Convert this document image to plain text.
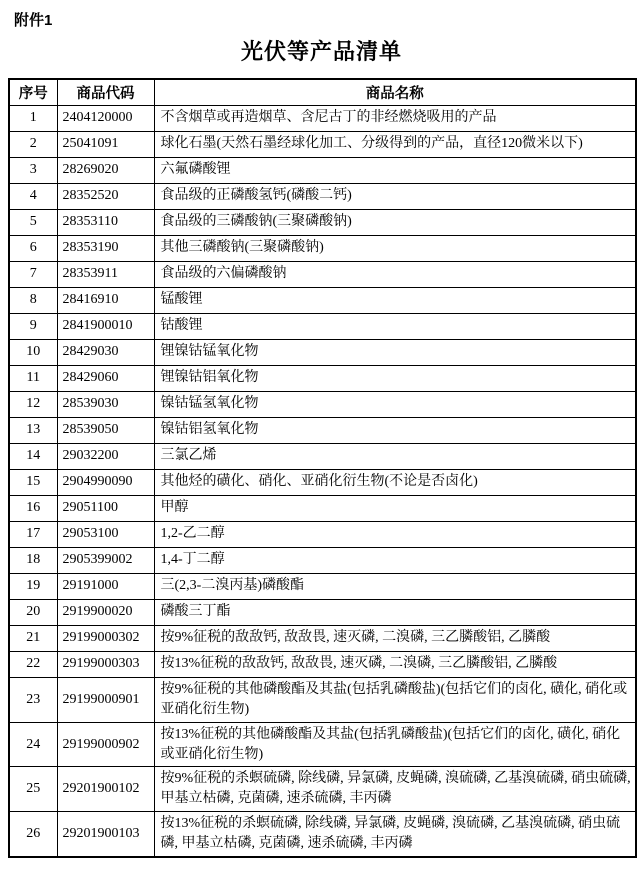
附件1
光伏等产品清单
序号	商品代码	商品名称
1	2404120000	不含烟草或再造烟草、含尼古丁的非经燃烧吸用的产品
2	25041091	球化石墨(天然石墨经球化加工、分级得到的产品，直径120微米以下)
3	28269020	六氟磷酸锂
4	28352520	食品级的正磷酸氢钙(磷酸二钙)
5	28353110	食品级的三磷酸钠(三聚磷酸钠)
6	28353190	其他三磷酸钠(三聚磷酸钠)
7	28353911	食品级的六偏磷酸钠
8	28416910	锰酸锂
9	2841900010	钴酸锂
10	28429030	锂镍钴锰氧化物
11	28429060	锂镍钴铝氧化物
12	28539030	镍钴锰氢氧化物
13	28539050	镍钴铝氢氧化物
14	29032200	三氯乙烯
15	2904990090	其他烃的磺化、硝化、亚硝化衍生物(不论是否卤化)
16	29051100	甲醇
17	29053100	1,2-乙二醇
18	2905399002	1,4-丁二醇
19	29191000	三(2,3-二溴丙基)磷酸酯
20	2919900020	磷酸三丁酯
21	29199000302	按9%征税的敌敌钙, 敌敌畏, 速灭磷, 二溴磷, 三乙膦酸铝, 乙膦酸
22	29199000303	按13%征税的敌敌钙, 敌敌畏, 速灭磷, 二溴磷, 三乙膦酸铝, 乙膦酸
23	29199000901	按9%征税的其他磷酸酯及其盐(包括乳磷酸盐)(包括它们的卤化, 磺化, 硝化或亚硝化衍生物)
24	29199000902	按13%征税的其他磷酸酯及其盐(包括乳磷酸盐)(包括它们的卤化, 磺化, 硝化或亚硝化衍生物)
25	29201900102	按9%征税的杀螟硫磷, 除线磷, 异氯磷, 皮蝇磷, 溴硫磷, 乙基溴硫磷, 硝虫硫磷, 甲基立枯磷, 克菌磷, 速杀硫磷, 丰丙磷
26	29201900103	按13%征税的杀螟硫磷, 除线磷, 异氯磷, 皮蝇磷, 溴硫磷, 乙基溴硫磷, 硝虫硫磷, 甲基立枯磷, 克菌磷, 速杀硫磷, 丰丙磷
